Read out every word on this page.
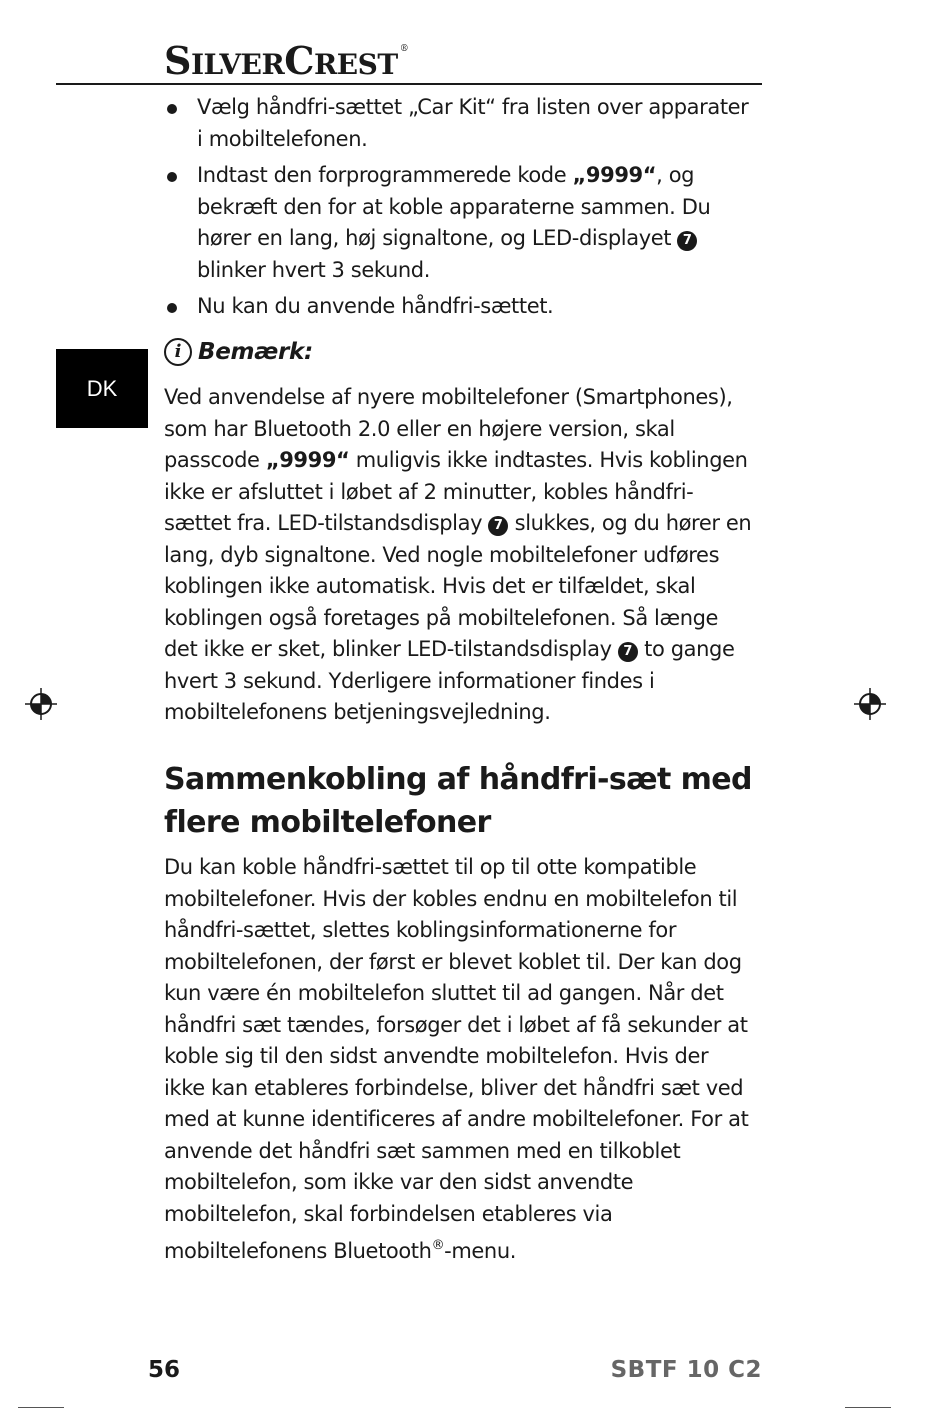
SILVERCREST ®
DK
Vælg håndfri-sættet „Car Kit“ fra listen over apparater i mobiltelefonen.
Indtast den forprogrammerede kode „9999“, og bekræft den for at koble apparaterne sammen. Du hører en lang, høj signaltone, og LED-displayet 7 blinker hvert 3 sekund.
Nu kan du anvende håndfri-sættet.
i Bemærk:

Ved anvendelse af nyere mobiltelefoner (Smartphones), som har Bluetooth 2.0 eller en højere version, skal passcode „9999“ muligvis ikke indtastes. Hvis koblingen ikke er afsluttet i løbet af 2 minutter, kobles håndfri-sættet fra. LED-tilstandsdisplay 7 slukkes, og du hører en lang, dyb signaltone. Ved nogle mobiltelefoner udføres koblingen ikke automatisk. Hvis det er tilfældet, skal koblingen også foretages på mobiltelefonen. Så længe det ikke er sket, blinker LED-tilstandsdisplay 7 to gange hvert 3 sekund. Yderligere informationer findes i mobiltelefonens betjeningsvejledning.

Sammenkobling af håndfri-sæt med flere mobiltelefoner

Du kan koble håndfri-sættet til op til otte kompatible mobiltelefoner. Hvis der kobles endnu en mobiltelefon til håndfri-sættet, slettes koblingsinformationerne for mobiltelefonen, der først er blevet koblet til. Der kan dog kun være én mobiltelefon sluttet til ad gangen. Når det håndfri sæt tændes, forsøger det i løbet af få sekunder at koble sig til den sidst anvendte mobiltelefon. Hvis der ikke kan etableres forbindelse, bliver det håndfri sæt ved med at kunne identificeres af andre mobiltelefoner. For at anvende det håndfri sæt sammen med en tilkoblet mobiltelefon, som ikke var den sidst anvendte mobiltelefon, skal forbindelsen etableres via mobiltelefonens Bluetooth®-menu.

56	SBTF 10 C2
